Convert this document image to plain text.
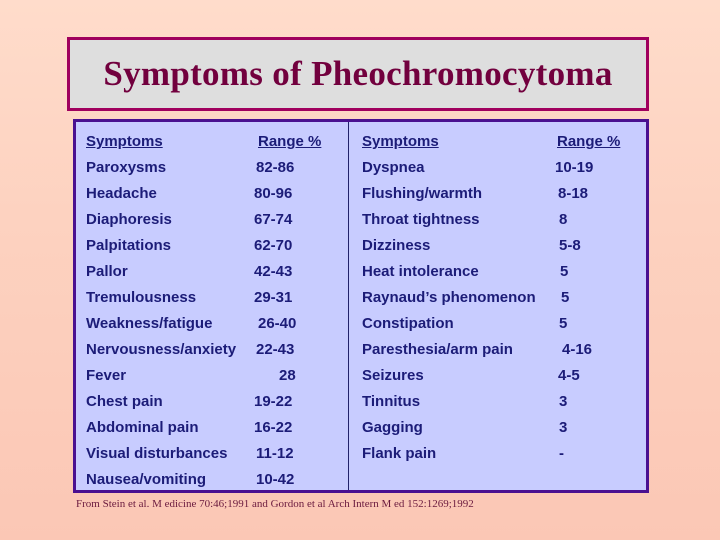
Symptoms of Pheochromocytoma
Symptoms	Range %	Symptoms	Range %
Paroxysms	82-86
Headache	80-96
Diaphoresis	67-74
Palpitations	62-70
Pallor	42-43
Tremulousness	29-31
Weakness/fatigue	26-40
Nervousness/anxiety 22-43
Fever	28
Chest pain	19-22
Abdominal pain	16-22
Visual disturbances 11-12
Nausea/vomiting	10-42
Dyspnea	10-19
Flushing/warmth	8-18
Throat tightness	8
Dizziness	5-8
Heat intolerance	5
Raynaud’s phenomenon 5
Constipation	5
Paresthesia/arm pain	4-16
Seizures	4-5
Tinnitus	3
Gagging	3
Flank pain	-
From Stein et al. M edicine 70:46;1991 and Gordon et al Arch Intern M ed 152:1269;1992
